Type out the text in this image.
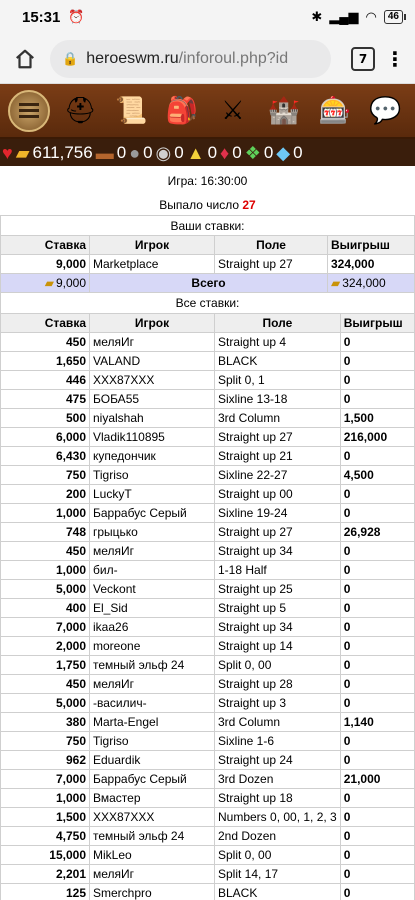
15:31 ⏰	✱ ▂▄▆ ◠	46
🔒 heroeswm.ru /inforoul.php?id	7 ⋮
⛑ 📜 🎒 ⚔ 🏰 🎰 💬
♥ ▰ 611,756 ▬ 0 ● 0 ◉ 0 ▲ 0 ♦ 0 ❖ 0 ◆ 0
Игра: 16:30:00
Выпало число 27
Ваши ставки:
Ставка	Игрок	Поле	Выигрыш
9,000	Marketplace	Straight up 27	324,000
▰ 9,000	Всего		▰ 324,000
Все ставки:
Ставка	Игрок	Поле	Выигрыш
450	меляИг	Straight up 4	0
1,650	VALAND	BLACK	0
446	XXX87XXX	Split 0, 1	0
475	БОБА55	Sixline 13-18	0
500	niyalshah	3rd Column	1,500
6,000	Vladik110895	Straight up 27	216,000
6,430	купедончик	Straight up 21	0
750	Tigriso	Sixline 22-27	4,500
200	LuckyT	Straight up 00	0
1,000	Баррабус Серый	Sixline 19-24	0
748	грыцько	Straight up 27	26,928
450	меляИг	Straight up 34	0
1,000	бил-	1-18 Half	0
5,000	Veckont	Straight up 25	0
400	El_Sid	Straight up 5	0
7,000	ikaa26	Straight up 34	0
2,000	moreone	Straight up 14	0
1,750	темный эльф 24	Split 0, 00	0
450	меляИг	Straight up 28	0
5,000	-василич-	Straight up 3	0
380	Marta-Engel	3rd Column	1,140
750	Tigriso	Sixline 1-6	0
962	Eduardik	Straight up 24	0
7,000	Баррабус Серый	3rd Dozen	21,000
1,000	Вмастер	Straight up 18	0
1,500	XXX87XXX	Numbers 0, 00, 1, 2, 3	0
4,750	темный эльф 24	2nd Dozen	0
15,000	MikLeo	Split 0, 00	0
2,201	меляИг	Split 14, 17	0
125	Smerchpro	BLACK	0
